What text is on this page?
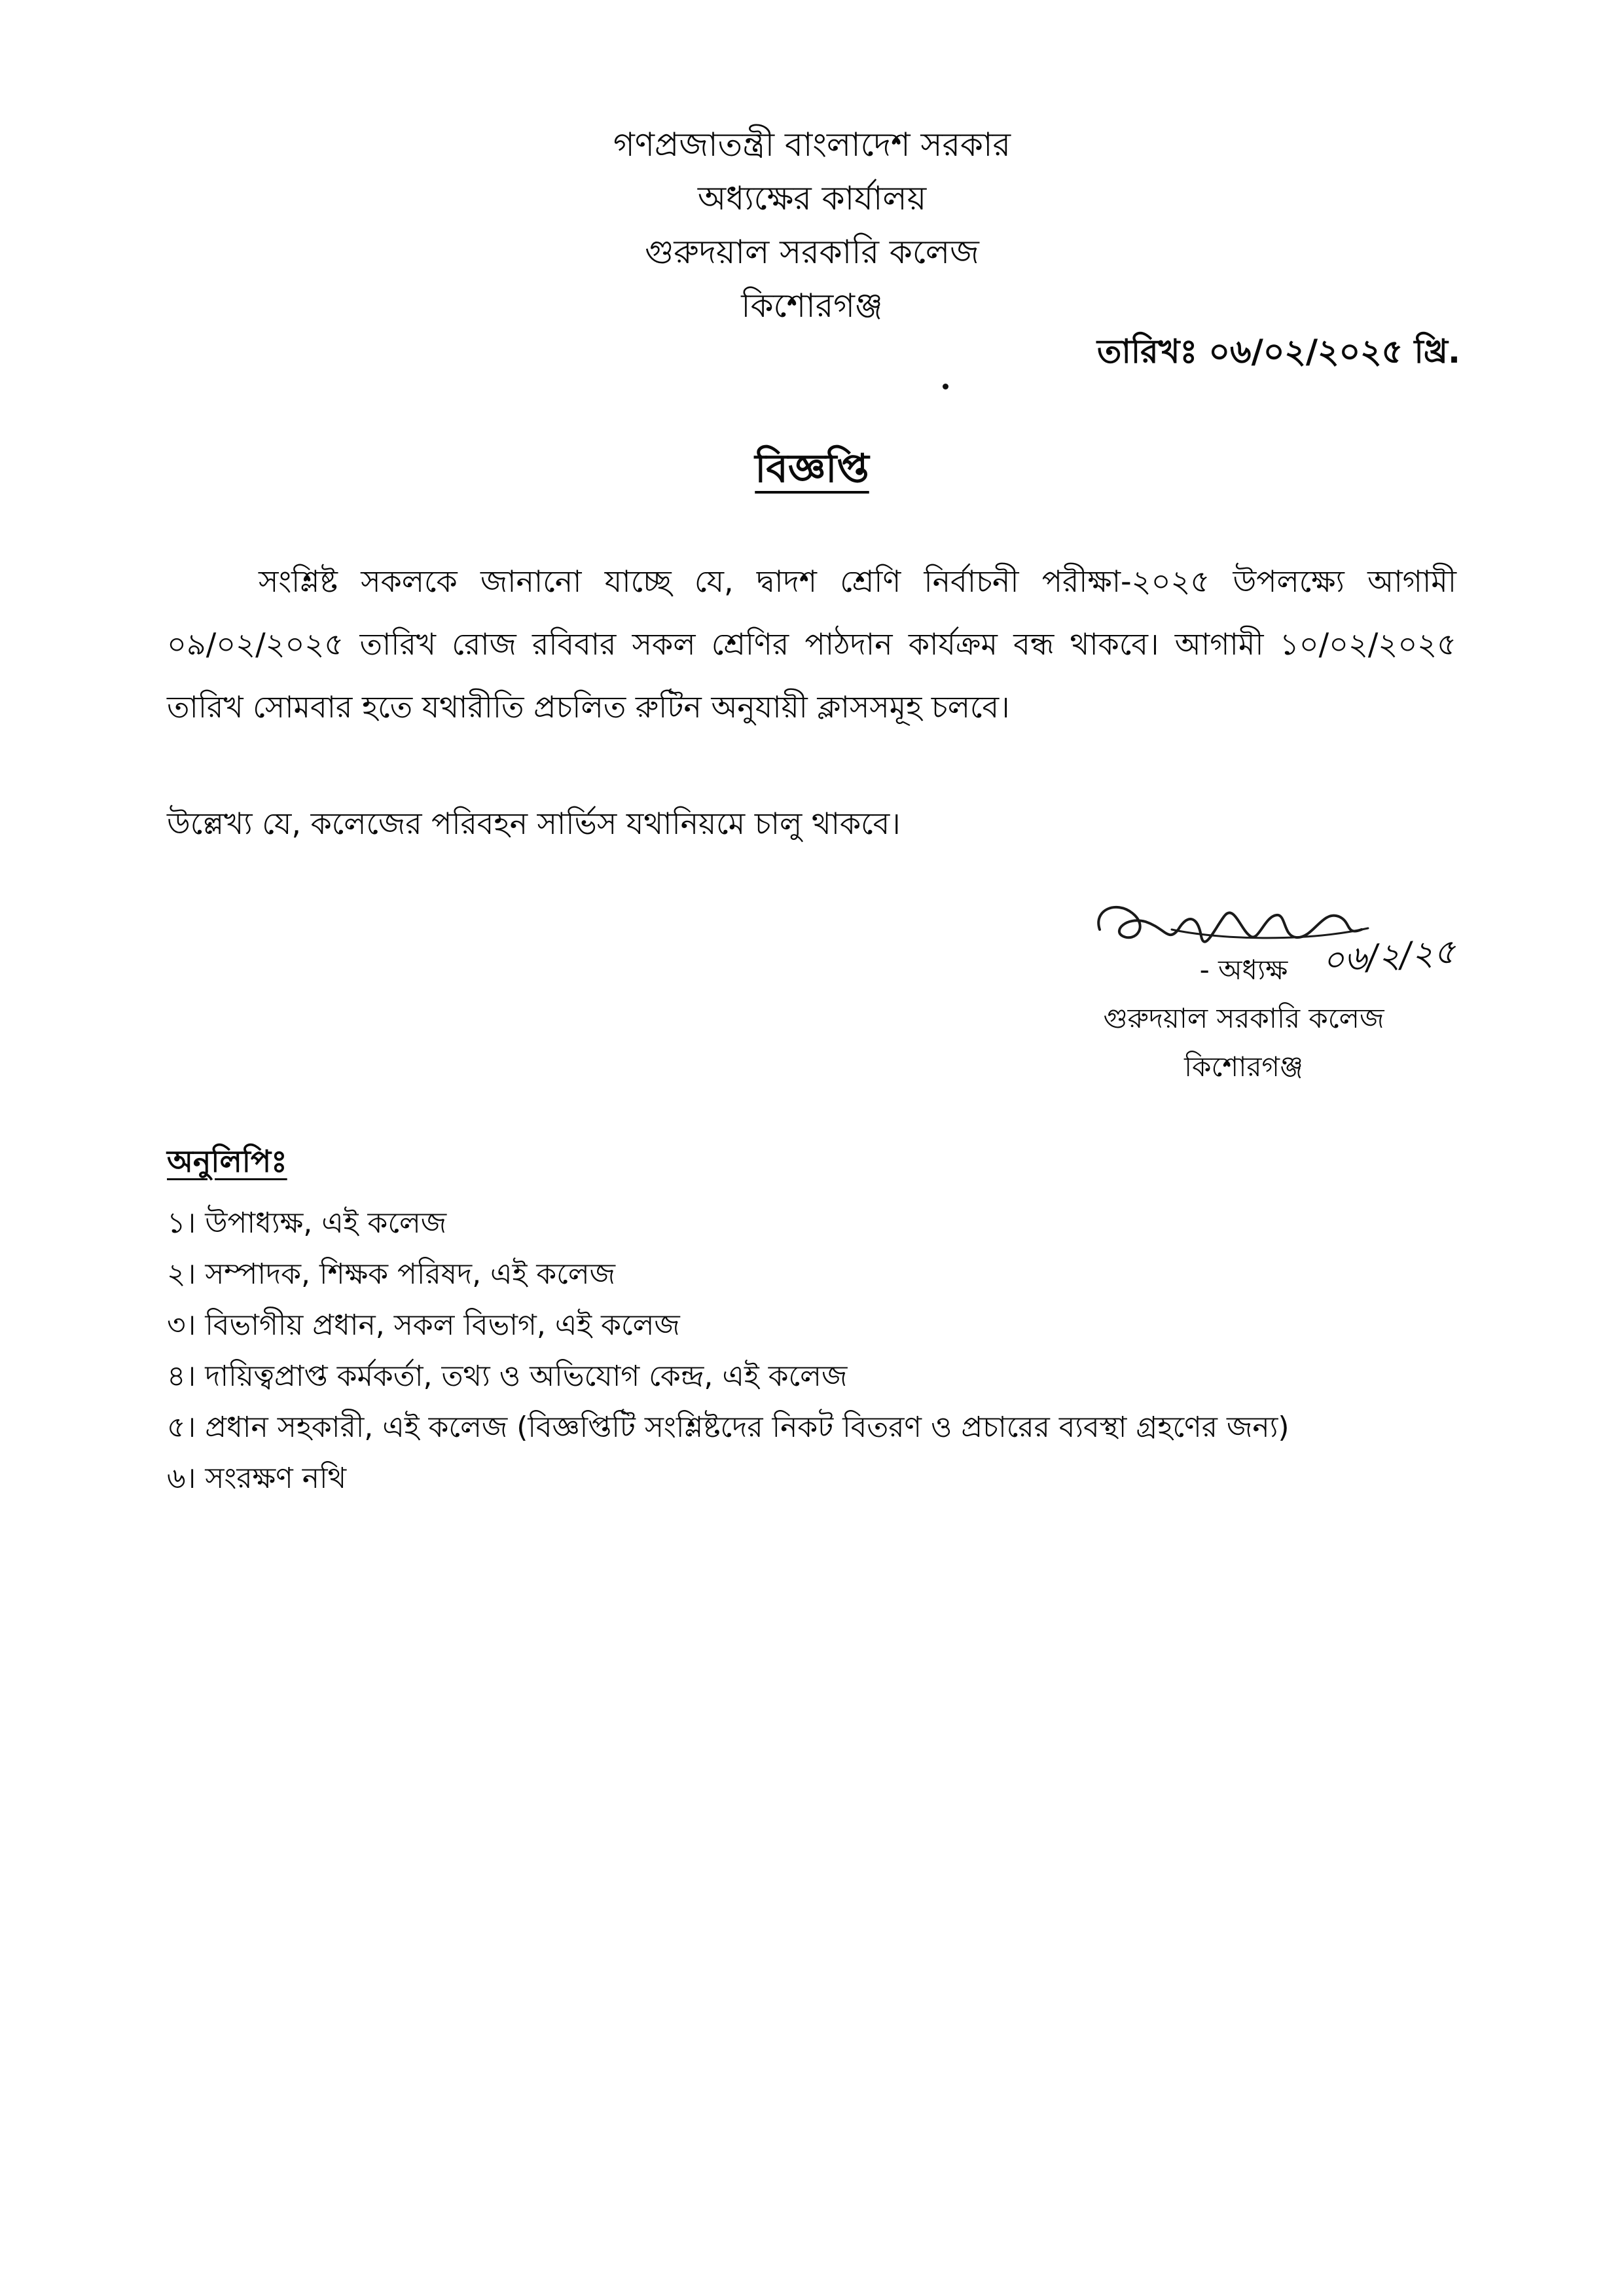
গণপ্রজাতন্ত্রী বাংলাদেশ সরকার
অধ্যক্ষের কার্যালয়
গুরুদয়াল সরকারি কলেজ
কিশোরগঞ্জ
তারিখঃ ০৬/০২/২০২৫ খ্রি.
বিজ্ঞপ্তি
সংশ্লিষ্ট সকলকে জানানো যাচ্ছে যে, দ্বাদশ শ্রেণি নির্বাচনী পরীক্ষা-২০২৫ উপলক্ষ্যে আগামী ০৯/০২/২০২৫ তারিখ রোজ রবিবার সকল শ্রেণির পাঠদান কার্যক্রম বন্ধ থাকবে। আগামী ১০/০২/২০২৫ তারিখ সোমবার হতে যথারীতি প্রচলিত রুটিন অনুযায়ী ক্লাসসমূহ চলবে।
উল্লেখ্য যে, কলেজের পরিবহন সার্ভিস যথানিয়মে চালু থাকবে।
০৬/২/২৫
- অধ্যক্ষ
গুরুদয়াল সরকারি কলেজ
কিশোরগঞ্জ
অনুলিপিঃ
১। উপাধ্যক্ষ, এই কলেজ
২। সম্পাদক, শিক্ষক পরিষদ, এই কলেজ
৩। বিভাগীয় প্রধান, সকল বিভাগ, এই কলেজ
৪। দায়িত্বপ্রাপ্ত কর্মকর্তা, তথ্য ও অভিযোগ কেন্দ্র, এই কলেজ
৫। প্রধান সহকারী, এই কলেজ (বিজ্ঞপ্তিটি সংশ্লিষ্টদের নিকট বিতরণ ও প্রচারের ব্যবস্থা গ্রহণের জন্য)
৬। সংরক্ষণ নথি
